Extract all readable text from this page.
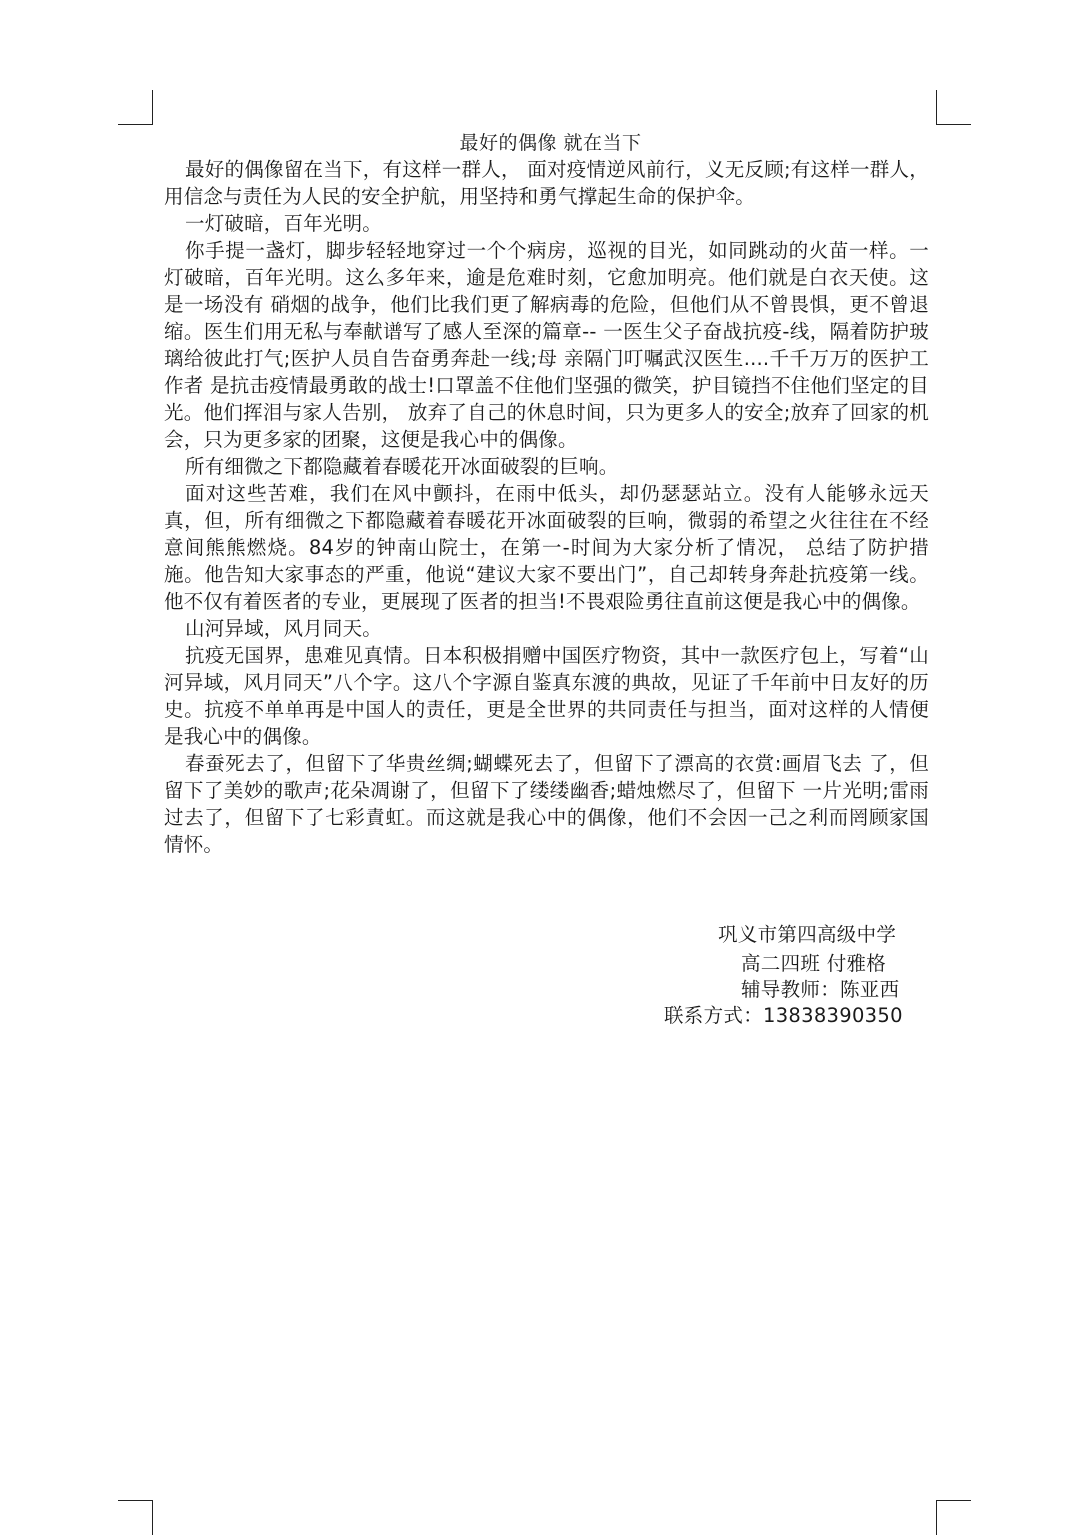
最好的偶像 就在当下

最好的偶像留在当下，有这样一群人， 面对疫情逆风前行，义无反顾;有这样一群人， 用信念与责任为人民的安全护航，用坚持和勇气撑起生命的保护伞。

一灯破暗，百年光明。

你手提一盏灯，脚步轻轻地穿过一个个病房，巡视的目光，如同跳动的火苗一样。一灯破暗，百年光明。这么多年来，逾是危难时刻，它愈加明亮。他们就是白衣天使。这是一场没有 硝烟的战争，他们比我们更了解病毒的危险，但他们从不曾畏惧，更不曾退缩。医生们用无私与奉献谱写了感人至深的篇章-- 一医生父子奋战抗疫-线，隔着防护玻璃给彼此打气;医护人员自告奋勇奔赴一线;母 亲隔门叮嘱武汉医生....千千万万的医护工作者 是抗击疫情最勇敢的战士!口罩盖不住他们坚强的微笑，护目镜挡不住他们坚定的目光。他们挥泪与家人告别， 放弃了自己的休息时间，只为更多人的安全;放弃了回家的机会，只为更多家的团聚，这便是我心中的偶像。

所有细微之下都隐藏着春暖花开冰面破裂的巨响。

面对这些苦难，我们在风中颤抖，在雨中低头，却仍瑟瑟站立。没有人能够永远天真，但，所有细微之下都隐藏着春暖花开冰面破裂的巨响，微弱的希望之火往往在不经意间熊熊燃烧。84岁的钟南山院士，在第一-时间为大家分析了情况， 总结了防护措施。他告知大家事态的严重，他说“建议大家不要出门”，自己却转身奔赴抗疫第一线。他不仅有着医者的专业，更展现了医者的担当!不畏艰险勇往直前这便是我心中的偶像。

山河异域，风月同天。

抗疫无国界，患难见真情。日本积极捐赠中国医疗物资，其中一款医疗包上，写着“山河异域，风月同天”八个字。这八个字源自鉴真东渡的典故，见证了千年前中日友好的历史。抗疫不单单再是中国人的责任，更是全世界的共同责任与担当，面对这样的人情便是我心中的偶像。

春蚕死去了，但留下了华贵丝绸;蝴蝶死去了，但留下了漂高的衣赏:画眉飞去 了，但留下了美妙的歌声;花朵凋谢了，但留下了缕缕幽香;蜡烛燃尽了，但留下 一片光明;雷雨过去了，但留下了七彩責虹。而这就是我心中的偶像，他们不会因一己之利而罔顾家国情怀。

巩义市第四高级中学
高二四班 付雅格
辅导教师：陈亚西
联系方式：13838390350
